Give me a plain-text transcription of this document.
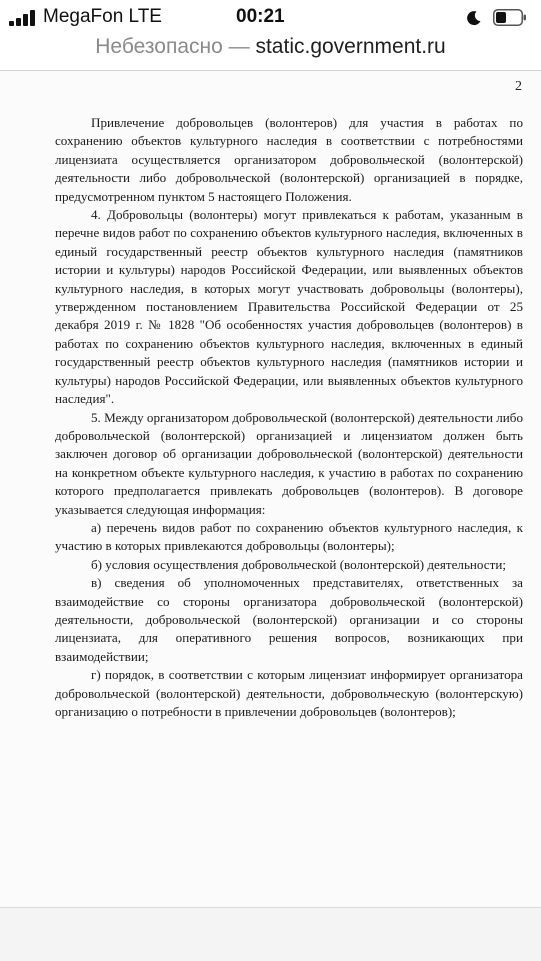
MegaFon LTE	00:21
Небезопасно — static.government.ru
2

Привлечение добровольцев (волонтеров) для участия в работах по сохранению объектов культурного наследия в соответствии с потребностями лицензиата осуществляется организатором добровольческой (волонтерской) деятельности либо добровольческой (волонтерской) организацией в порядке, предусмотренном пунктом 5 настоящего Положения.

4. Добровольцы (волонтеры) могут привлекаться к работам, указанным в перечне видов работ по сохранению объектов культурного наследия, включенных в единый государственный реестр объектов культурного наследия (памятников истории и культуры) народов Российской Федерации, или выявленных объектов культурного наследия, в которых могут участвовать добровольцы (волонтеры), утвержденном постановлением Правительства Российской Федерации от 25 декабря 2019 г. № 1828 "Об особенностях участия добровольцев (волонтеров) в работах по сохранению объектов культурного наследия, включенных в единый государственный реестр объектов культурного наследия (памятников истории и культуры) народов Российской Федерации, или выявленных объектов культурного наследия".

5. Между организатором добровольческой (волонтерской) деятельности либо добровольческой (волонтерской) организацией и лицензиатом должен быть заключен договор об организации добровольческой (волонтерской) деятельности на конкретном объекте культурного наследия, к участию в работах по сохранению которого предполагается привлекать добровольцев (волонтеров). В договоре указывается следующая информация:

а) перечень видов работ по сохранению объектов культурного наследия, к участию в которых привлекаются добровольцы (волонтеры);

б) условия осуществления добровольческой (волонтерской) деятельности;

в) сведения об уполномоченных представителях, ответственных за взаимодействие со стороны организатора добровольческой (волонтерской) деятельности, добровольческой (волонтерской) организации и со стороны лицензиата, для оперативного решения вопросов, возникающих при взаимодействии;

г) порядок, в соответствии с которым лицензиат информирует организатора добровольческой (волонтерской) деятельности, добровольческую (волонтерскую) организацию о потребности в привлечении добровольцев (волонтеров);
